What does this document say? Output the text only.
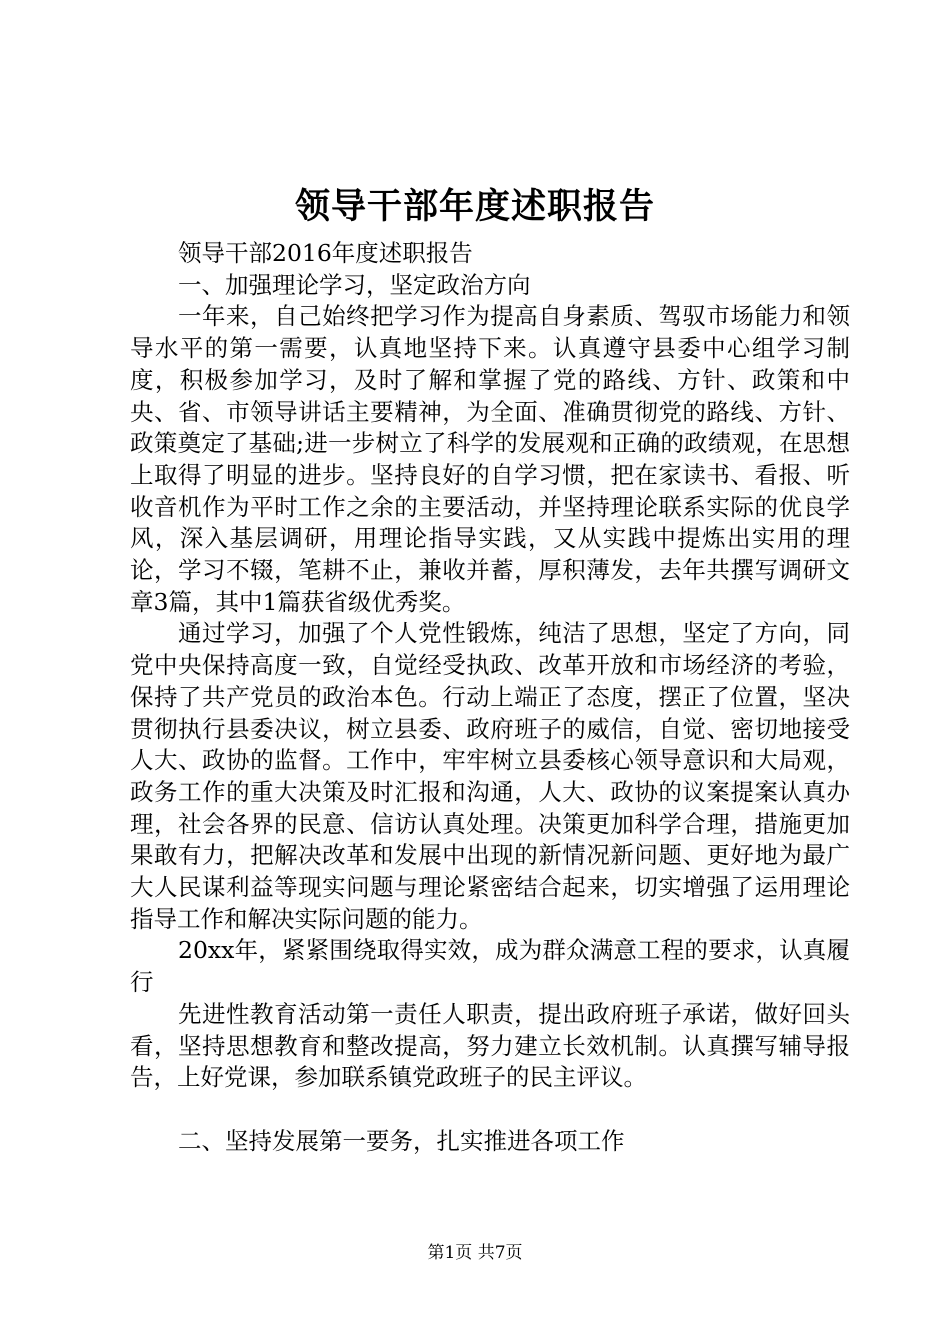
领导干部年度述职报告

领导干部2016年度述职报告

一、加强理论学习，坚定政治方向

一年来，自己始终把学习作为提高自身素质、驾驭市场能力和领导水平的第一需要，认真地坚持下来。认真遵守县委中心组学习制度，积极参加学习，及时了解和掌握了党的路线、方针、政策和中央、省、市领导讲话主要精神，为全面、准确贯彻党的路线、方针、政策奠定了基础;进一步树立了科学的发展观和正确的政绩观，在思想上取得了明显的进步。坚持良好的自学习惯，把在家读书、看报、听收音机作为平时工作之余的主要活动，并坚持理论联系实际的优良学风，深入基层调研，用理论指导实践，又从实践中提炼出实用的理论，学习不辍，笔耕不止，兼收并蓄，厚积薄发，去年共撰写调研文章3篇，其中1篇获省级优秀奖。

通过学习，加强了个人党性锻炼，纯洁了思想，坚定了方向，同党中央保持高度一致，自觉经受执政、改革开放和市场经济的考验，保持了共产党员的政治本色。行动上端正了态度，摆正了位置，坚决贯彻执行县委决议，树立县委、政府班子的威信，自觉、密切地接受人大、政协的监督。工作中，牢牢树立县委核心领导意识和大局观，政务工作的重大决策及时汇报和沟通，人大、政协的议案提案认真办理，社会各界的民意、信访认真处理。决策更加科学合理，措施更加果敢有力，把解决改革和发展中出现的新情况新问题、更好地为最广大人民谋利益等现实问题与理论紧密结合起来，切实增强了运用理论指导工作和解决实际问题的能力。

20xx年，紧紧围绕取得实效，成为群众满意工程的要求，认真履行

先进性教育活动第一责任人职责，提出政府班子承诺，做好回头看，坚持思想教育和整改提高，努力建立长效机制。认真撰写辅导报告，上好党课，参加联系镇党政班子的民主评议。

二、坚持发展第一要务，扎实推进各项工作

第1页 共7页
